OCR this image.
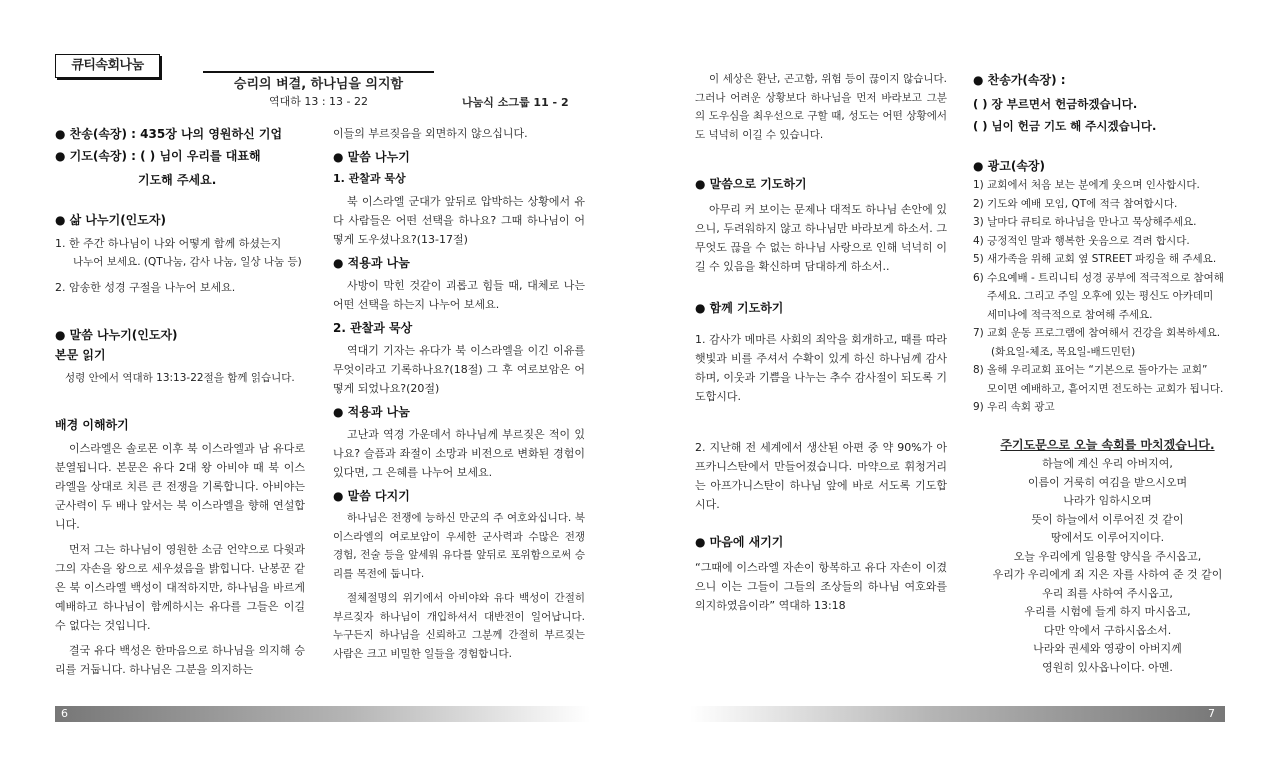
큐티속회나눔
승리의 벼결, 하나님을 의지함
역대하 13 : 13 - 22	나눔식 소그룹 11 - 2

● 찬송(속장) : 435장 나의 영원하신 기업

● 기도(속장) : ( ) 님이 우리를 대표해

기도해 주세요.

● 삶 나누기(인도자)

1. 한 주간 하나님이 나와 어떻게 함께 하셨는지

나누어 보세요. (QT나눔, 감사 나눔, 일상 나눔 등)

2. 암송한 성경 구절을 나누어 보세요.

● 말씀 나누기(인도자)

본문 읽기

성령 안에서 역대하 13:13-22절을 함께 읽습니다.

배경 이해하기

이스라엘은 솔로몬 이후 북 이스라엘과 남 유다로 분열됩니다. 본문은 유다 2대 왕 아비야 때 북 이스라엘을 상대로 치른 큰 전쟁을 기록합니다. 아비야는 군사력이 두 배나 앞서는 북 이스라엘을 향해 연설합니다.

먼저 그는 하나님이 영원한 소금 언약으로 다윗과 그의 자손을 왕으로 세우셨음을 밝힙니다. 난봉꾼 같은 북 이스라엘 백성이 대적하지만, 하나님을 바르게 예배하고 하나님이 함께하시는 유다를 그들은 이길 수 없다는 것입니다.

결국 유다 백성은 한마음으로 하나님을 의지해 승리를 거둡니다. 하나님은 그분을 의지하는

이들의 부르짖음을 외면하지 않으십니다.

● 말씀 나누기

1. 관찰과 묵상

북 이스라엘 군대가 앞뒤로 압박하는 상황에서 유다 사람들은 어떤 선택을 하나요? 그때 하나님이 어떻게 도우셨나요?(13-17절)

● 적용과 나눔

사방이 막힌 것같이 괴롭고 힘들 때, 대체로 나는 어떤 선택을 하는지 나누어 보세요.

2. 관찰과 묵상

역대기 기자는 유다가 북 이스라엘을 이긴 이유를 무엇이라고 기록하나요?(18절) 그 후 여로보암은 어떻게 되었나요?(20절)

● 적용과 나눔

고난과 역경 가운데서 하나님께 부르짖은 적이 있나요? 슬픔과 좌절이 소망과 비전으로 변화된 경험이 있다면, 그 은혜를 나누어 보세요.

● 말씀 다지기

하나님은 전쟁에 능하신 만군의 주 여호와십니다. 북 이스라엘의 여로보암이 우세한 군사력과 수많은 전쟁 경험, 전술 등을 앞세워 유다를 앞뒤로 포위함으로써 승리를 목전에 둡니다.

절체절명의 위기에서 아비야와 유다 백성이 간절히 부르짖자 하나님이 개입하셔서 대반전이 일어납니다. 누구든지 하나님을 신뢰하고 그분께 간절히 부르짖는 사람은 크고 비밀한 일들을 경험합니다.

이 세상은 환난, 곤고함, 위험 등이 끊이지 않습니다. 그러나 어려운 상황보다 하나님을 먼저 바라보고 그분의 도우심을 최우선으로 구할 때, 성도는 어떤 상황에서도 넉넉히 이길 수 있습니다.

● 말씀으로 기도하기

아무리 커 보이는 문제나 대적도 하나님 손안에 있으니, 두려워하지 않고 하나님만 바라보게 하소서. 그 무엇도 끊을 수 없는 하나님 사랑으로 인해 넉넉히 이길 수 있음을 확신하며 담대하게 하소서..

● 함께 기도하기

1. 감사가 메마른 사회의 죄악을 회개하고, 때를 따라 햇빛과 비를 주셔서 수확이 있게 하신 하나님께 감사하며, 이웃과 기쁨을 나누는 추수 감사절이 되도록 기도합시다.

2. 지난해 전 세계에서 생산된 아편 중 약 90%가 아프카니스탄에서 만들어졌습니다. 마약으로 휘청거리는 아프가니스탄이 하나님 앞에 바로 서도록 기도합시다.

● 마음에 새기기

“그때에 이스라엘 자손이 항복하고 유다 자손이 이겼으니 이는 그들이 그들의 조상들의 하나님 여호와를 의지하였음이라” 역대하 13:18

● 찬송가(속장) :

( ) 장 부르면서 헌금하겠습니다.

( ) 님이 헌금 기도 해 주시겠습니다.

● 광고(속장)

1) 교회에서 처음 보는 분에게 웃으며 인사합시다.

2) 기도와 예배 모임, QT에 적극 참여합시다.

3) 날마다 큐티로 하나님을 만나고 묵상해주세요.

4) 긍정적인 말과 행복한 웃음으로 격려 합시다.

5) 새가족을 위해 교회 옆 STREET 파킹을 해 주세요.

6) 수요예배 - 트리니티 성경 공부에 적극적으로 참여해

주세요. 그리고 주일 오후에 있는 평신도 아카데미

세미나에 적극적으로 참여해 주세요.

7) 교회 운동 프로그램에 참여해서 건강을 회복하세요.

(화요일-체조, 목요일-배드민턴)

8) 올해 우리교회 표어는 “기본으로 돌아가는 교회”

모이면 예배하고, 흩어지면 전도하는 교회가 됩니다.

9) 우리 속회 광고

주기도문으로 오늘 속회를 마치겠습니다.

하늘에 계신 우리 아버지여,

이름이 거룩히 여김을 받으시오며

나라가 임하시오며

뜻이 하늘에서 이루어진 것 같이

땅에서도 이루어지이다.

오늘 우리에게 일용할 양식을 주시옵고,

우리가 우리에게 죄 지은 자를 사하여 준 것 같이

우리 죄를 사하여 주시옵고,

우리를 시험에 들게 하지 마시옵고,

다만 악에서 구하시옵소서.

나라와 권세와 영광이 아버지께

영원히 있사옵나이다. 아멘.

6	7
